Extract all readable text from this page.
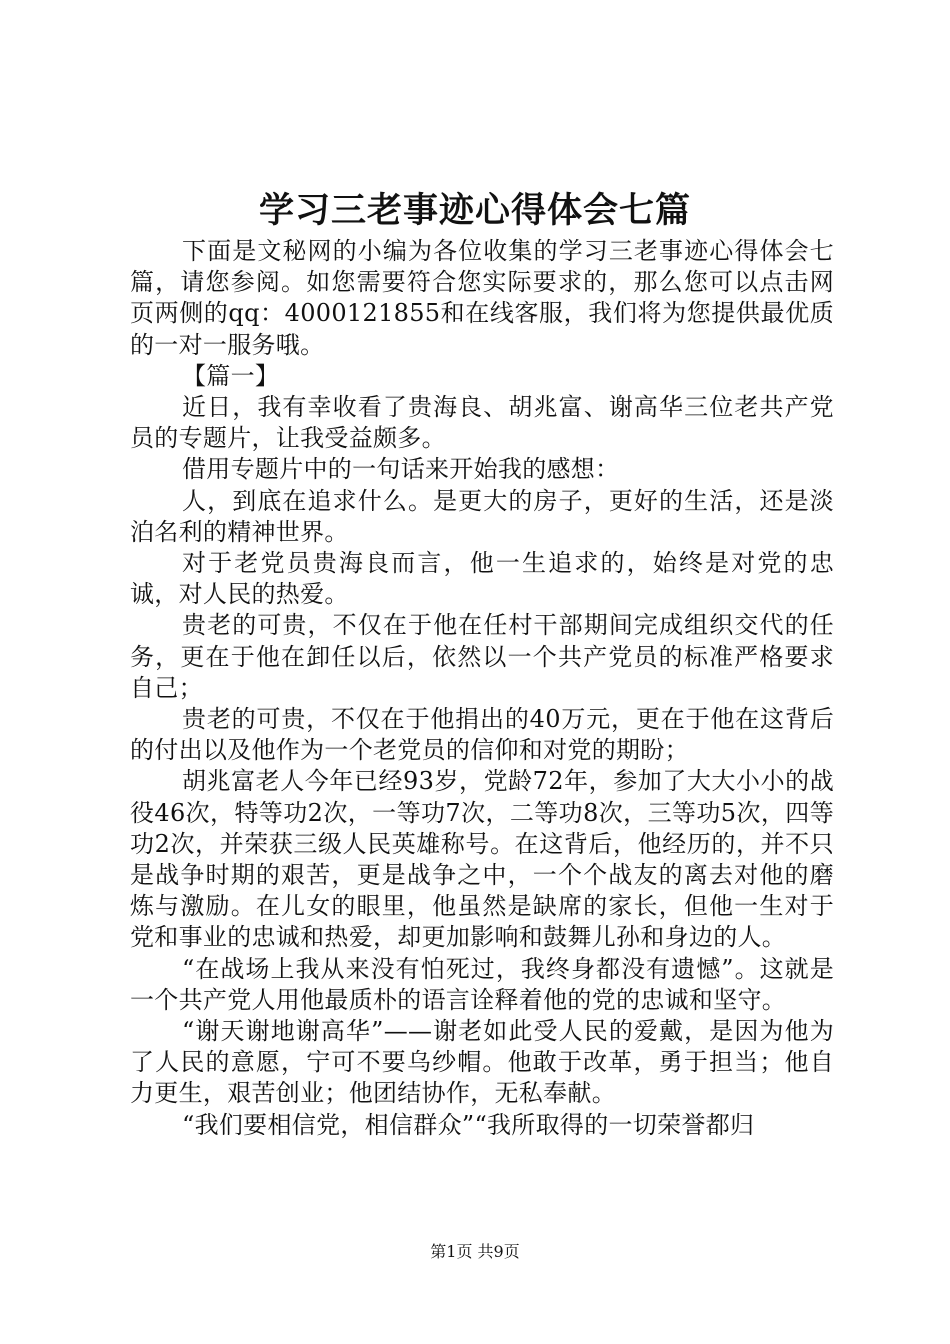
学习三老事迹心得体会七篇

下面是文秘网的小编为各位收集的学习三老事迹心得体会七篇，请您参阅。如您需要符合您实际要求的，那么您可以点击网页两侧的qq：4000121855和在线客服，我们将为您提供最优质的一对一服务哦。

【篇一】

近日，我有幸收看了贵海良、胡兆富、谢高华三位老共产党员的专题片，让我受益颇多。

借用专题片中的一句话来开始我的感想：

人，到底在追求什么。是更大的房子，更好的生活，还是淡泊名利的精神世界。

对于老党员贵海良而言，他一生追求的，始终是对党的忠诚，对人民的热爱。

贵老的可贵，不仅在于他在任村干部期间完成组织交代的任务，更在于他在卸任以后，依然以一个共产党员的标准严格要求自己；

贵老的可贵，不仅在于他捐出的40万元，更在于他在这背后的付出以及他作为一个老党员的信仰和对党的期盼；

胡兆富老人今年已经93岁，党龄72年，参加了大大小小的战役46次，特等功2次，一等功7次，二等功8次，三等功5次，四等功2次，并荣获三级人民英雄称号。在这背后，他经历的，并不只是战争时期的艰苦，更是战争之中，一个个战友的离去对他的磨炼与激励。在儿女的眼里，他虽然是缺席的家长，但他一生对于党和事业的忠诚和热爱，却更加影响和鼓舞儿孙和身边的人。

“在战场上我从来没有怕死过，我终身都没有遗憾”。这就是一个共产党人用他最质朴的语言诠释着他的党的忠诚和坚守。

“谢天谢地谢高华”——谢老如此受人民的爱戴，是因为他为了人民的意愿，宁可不要乌纱帽。他敢于改革，勇于担当；他自力更生，艰苦创业；他团结协作，无私奉献。

“我们要相信党，相信群众”“我所取得的一切荣誉都归

第1页 共9页
